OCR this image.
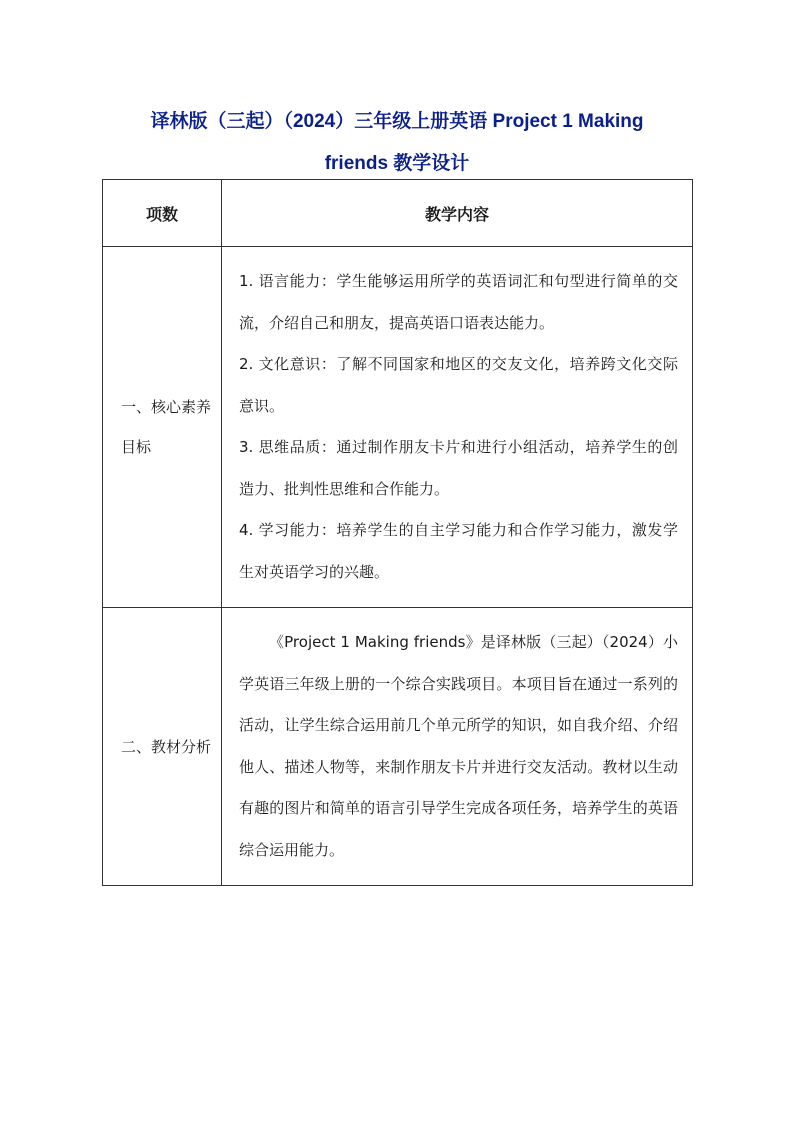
译林版（三起）（2024）三年级上册英语 Project 1 Making
friends 教学设计
项数	教学内容
一、核心素养目标	1. 语言能力：学生能够运用所学的英语词汇和句型进行简单的交流，介绍自己和朋友，提高英语口语表达能力。

2. 文化意识：了解不同国家和地区的交友文化，培养跨文化交际意识。

3. 思维品质：通过制作朋友卡片和进行小组活动，培养学生的创造力、批判性思维和合作能力。

4. 学习能力：培养学生的自主学习能力和合作学习能力，激发学生对英语学习的兴趣。

二、教材分析	《Project 1 Making friends》是译林版（三起）（2024）小学英语三年级上册的一个综合实践项目。本项目旨在通过一系列的活动，让学生综合运用前几个单元所学的知识，如自我介绍、介绍他人、描述人物等，来制作朋友卡片并进行交友活动。教材以生动有趣的图片和简单的语言引导学生完成各项任务，培养学生的英语综合运用能力。
